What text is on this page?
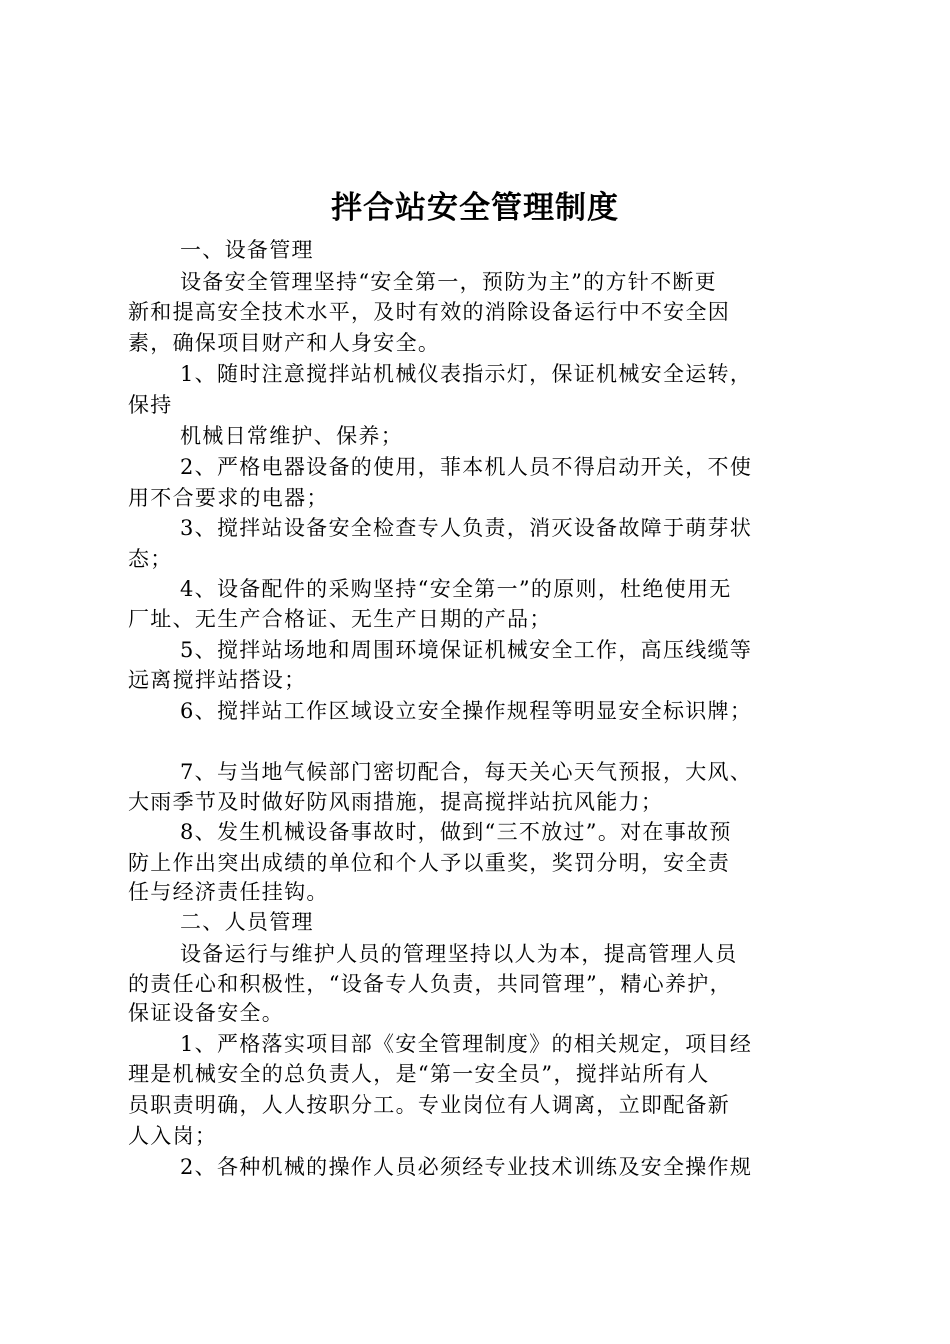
拌合站安全管理制度
一、设备管理
设备安全管理坚持“安全第一，预防为主”的方针不断更
新和提高安全技术水平，及时有效的消除设备运行中不安全因
素，确保项目财产和人身安全。
1、随时注意搅拌站机械仪表指示灯，保证机械安全运转，
保持
机械日常维护、保养；
2、严格电器设备的使用，菲本机人员不得启动开关，不使
用不合要求的电器；
3、搅拌站设备安全检查专人负责，消灭设备故障于萌芽状
态；
4、设备配件的采购坚持“安全第一”的原则，杜绝使用无
厂址、无生产合格证、无生产日期的产品；
5、搅拌站场地和周围环境保证机械安全工作，高压线缆等
远离搅拌站搭设；
6、搅拌站工作区域设立安全操作规程等明显安全标识牌；
7、与当地气候部门密切配合，每天关心天气预报，大风、
大雨季节及时做好防风雨措施，提高搅拌站抗风能力；
8、发生机械设备事故时，做到“三不放过”。对在事故预
防上作出突出成绩的单位和个人予以重奖，奖罚分明，安全责
任与经济责任挂钩。
二、人员管理
设备运行与维护人员的管理坚持以人为本，提高管理人员
的责任心和积极性，“设备专人负责，共同管理”，精心养护，
保证设备安全。
1、严格落实项目部《安全管理制度》的相关规定，项目经
理是机械安全的总负责人，是“第一安全员”，搅拌站所有人
员职责明确，人人按职分工。专业岗位有人调离，立即配备新
人入岗；
2、各种机械的操作人员必须经专业技术训练及安全操作规
